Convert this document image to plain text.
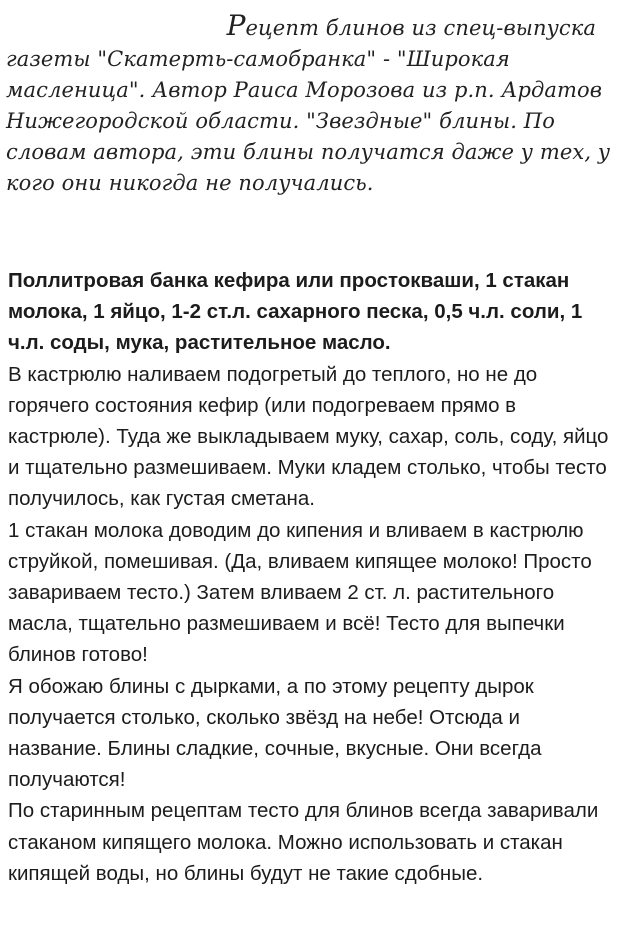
Рецепт блинов из спец-выпуска
газеты "Скатерть-самобранка" - "Широкая масленица". Автор Раиса Морозова из р.п. Ардатов Нижегородской области. "Звездные" блины. По словам автора, эти блины получатся даже у тех, у кого они никогда не получались.

Поллитровая банка кефира или простокваши, 1 стакан молока, 1 яйцо, 1-2 ст.л. сахарного песка, 0,5 ч.л. соли, 1 ч.л. соды, мука, растительное масло.

В кастрюлю наливаем подогретый до теплого, но не до горячего состояния кефир (или подогреваем прямо в кастрюле). Туда же выкладываем муку, сахар, соль, соду, яйцо и тщательно размешиваем. Муки кладем столько, чтобы тесто получилось, как густая сметана.

1 стакан молока доводим до кипения и вливаем в кастрюлю струйкой, помешивая. (Да, вливаем кипящее молоко! Просто завариваем тесто.) Затем вливаем 2 ст. л. растительного масла, тщательно размешиваем и всё! Тесто для выпечки блинов готово!

Я обожаю блины с дырками, а по этому рецепту дырок получается столько, сколько звёзд на небе! Отсюда и название. Блины сладкие, сочные, вкусные. Они всегда получаются!

По старинным рецептам тесто для блинов всегда заваривали стаканом кипящего молока. Можно использовать и стакан кипящей воды, но блины будут не такие сдобные.
